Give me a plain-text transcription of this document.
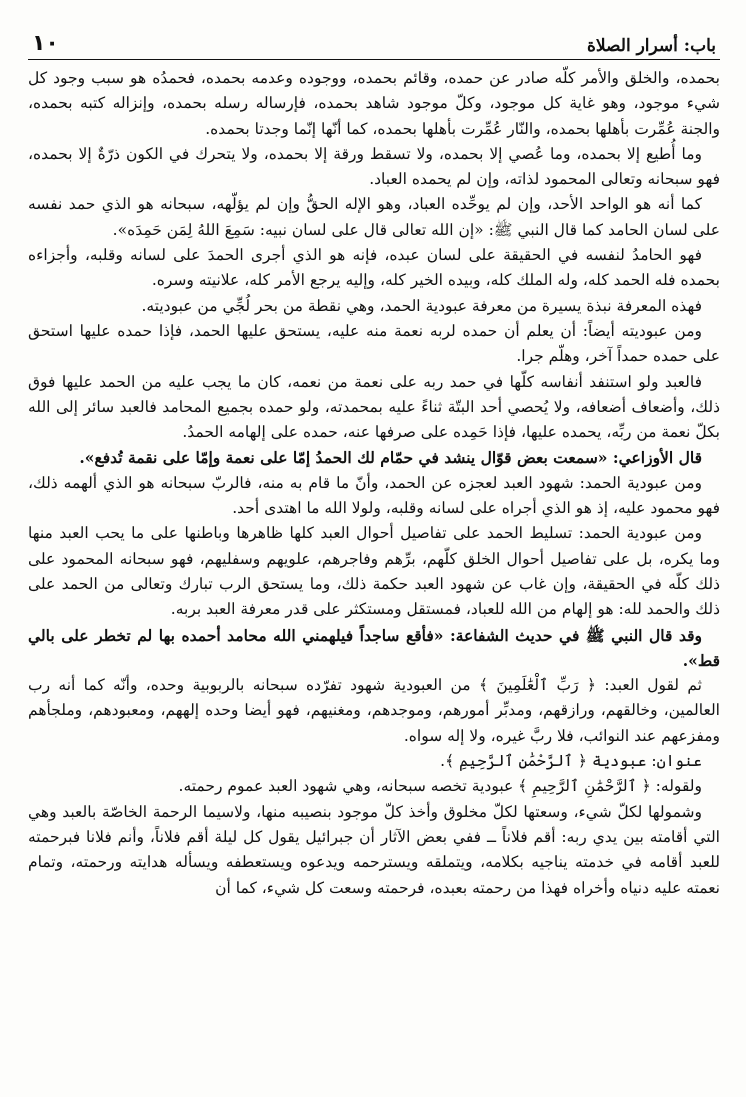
باب: أسرار الصلاة
١٠

بحمده، والخلق والأمر كلّه صادر عن حمده، وقائم بحمده، ووجوده وعدمه بحمده، فحمدُه هو سبب وجود كل شيء موجود، وهو غاية كل موجود، وكلّ موجود شاهد بحمده، فإرساله رسله بحمده، وإنزاله كتبه بحمده، والجنة عُمِّرت بأهلها بحمده، والنّار عُمِّرت بأهلها بحمده، كما أنّها إنّما وجدتا بحمده.

وما أُطيع إلا بحمده، وما عُصي إلا بحمده، ولا تسقط ورقة إلا بحمده، ولا يتحرك في الكون ذرّةٌ إلا بحمده، فهو سبحانه وتعالى المحمود لذاته، وإن لم يحمده العباد.

كما أنه هو الواحد الأحد، وإن لم يوحِّده العباد، وهو الإله الحقُّ وإن لم يؤلّهه، سبحانه هو الذي حمد نفسه على لسان الحامد كما قال النبي ﷺ: «إن الله تعالى قال على لسان نبيه: سَمِعَ اللهُ لِمَن حَمِدَه».

فهو الحامدُ لنفسه في الحقيقة على لسان عبده، فإنه هو الذي أجرى الحمدَ على لسانه وقلبه، وأجزاءه بحمده فله الحمد كله، وله الملك كله، وبيده الخير كله، وإليه يرجع الأمر كله، علانيته وسره.

فهذه المعرفة نبذة يسيرة من معرفة عبودية الحمد، وهي نقطة من بحر لُجِّي من عبوديته.

ومن عبوديته أيضاً: أن يعلم أن حمده لربه نعمة منه عليه، يستحق عليها الحمد، فإذا حمده عليها استحق على حمده حمداً آخر، وهلّم جرا.

فالعبد ولو استنفد أنفاسه كلّها في حمد ربه على نعمة من نعمه، كان ما يجب عليه من الحمد عليها فوق ذلك، وأضعاف أضعافه، ولا يُحصي أحد البتّة ثناءً عليه بمحمدته، ولو حمده بجميع المحامد فالعبد سائر إلى الله بكلّ نعمة من ربِّه، يحمده عليها، فإذا حَمِده على صرفها عنه، حمده على إلهامه الحمدُ.

قال الأوزاعي: «سمعت بعض قوّال ينشد في حمّام لك الحمدُ إمّا على نعمة وإمّا على نقمة تُدفع».

ومن عبودية الحمد: شهود العبد لعجزه عن الحمد، وأنّ ما قام به منه، فالربّ سبحانه هو الذي ألهمه ذلك، فهو محمود عليه، إذ هو الذي أجراه على لسانه وقلبه، ولولا الله ما اهتدى أحد.

ومن عبودية الحمد: تسليط الحمد على تفاصيل أحوال العبد كلها ظاهرها وباطنها على ما يحب العبد منها وما يكره، بل على تفاصيل أحوال الخلق كلّهم، برِّهم وفاجرهم، علويهم وسفليهم، فهو سبحانه المحمود على ذلك كلّه في الحقيقة، وإن غاب عن شهود العبد حكمة ذلك، وما يستحق الرب تبارك وتعالى من الحمد على ذلك والحمد لله: هو إلهام من الله للعباد، فمستقل ومستكثر على قدر معرفة العبد بربه.

وقد قال النبي ﷺ في حديث الشفاعة: «فأقع ساجداً فيلهمني الله محامد أحمده بها لم تخطر على بالي قط».

ثم لقول العبد: ﴿ رَبِّ ٱلْعَٰلَمِينَ ﴾ من العبودية شهود تفرّده سبحانه بالربوبية وحده، وأنّه كما أنه رب العالمين، وخالقهم، ورازقهم، ومدبِّر أمورهم، وموجدهم، ومغنيهم، فهو أيضا وحده إلههم، ومعبودهم، وملجأهم ومفزعهم عند النوائب، فلا ربَّ غيره، ولا إله سواه.

عنوان: عبودية ﴿ ٱلرَّحْمَٰنِ ٱلرَّحِيمِ ﴾.

ولقوله: ﴿ ٱلرَّحْمَٰنِ ٱلرَّحِيمِ ﴾ عبودية تخصه سبحانه، وهي شهود العبد عموم رحمته.

وشمولها لكلّ شيء، وسعتها لكلّ مخلوق وأخذ كلّ موجود بنصيبه منها، ولاسيما الرحمة الخاصّة بالعبد وهي التي أقامته بين يدي ربه: أقم فلاناً ــ ففي بعض الآثار أن جبرائيل يقول كل ليلة أقم فلاناً، وأنم فلانا فبرحمته للعبد أقامه في خدمته يناجيه بكلامه، ويتملقه ويسترحمه ويدعوه ويستعطفه ويسأله هدايته ورحمته، وتمام نعمته عليه دنياه وأخراه فهذا من رحمته بعبده، فرحمته وسعت كل شيء، كما أن
